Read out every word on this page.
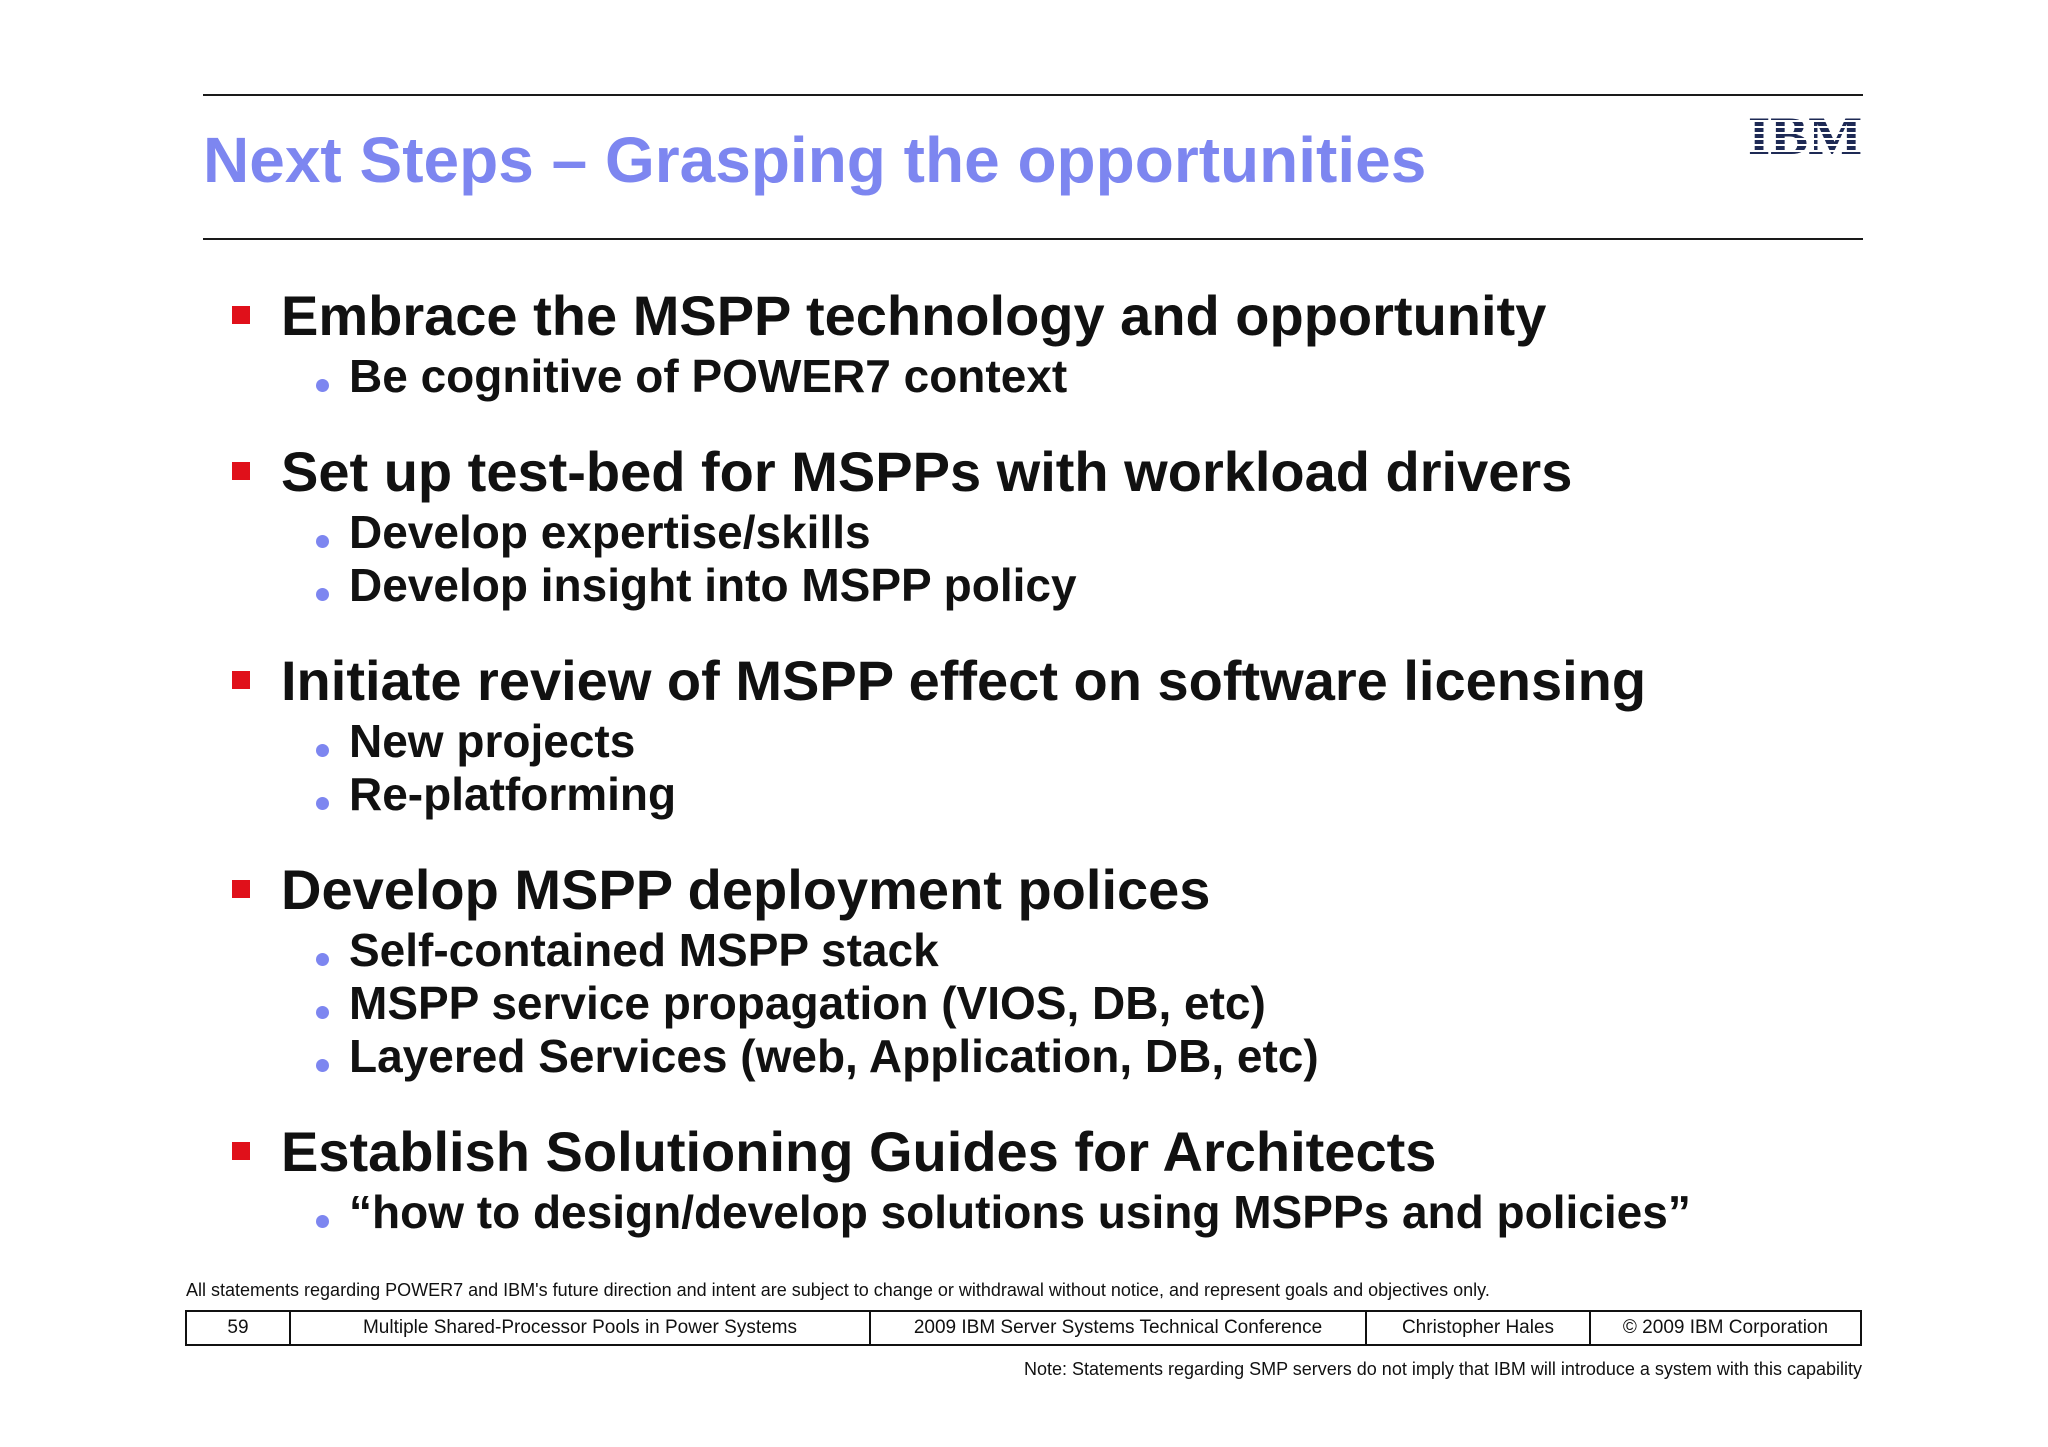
Next Steps – Grasping the opportunities	IBM
Embrace the MSPP technology and opportunity
Be cognitive of POWER7 context
Set up test-bed for MSPPs with workload drivers
Develop expertise/skills
Develop insight into MSPP policy
Initiate review of MSPP effect on software licensing
New projects
Re-platforming
Develop MSPP deployment polices
Self-contained MSPP stack
MSPP service propagation (VIOS, DB, etc)
Layered Services (web, Application, DB, etc)
Establish Solutioning Guides for Architects
“how to design/develop solutions using MSPPs and policies”
All statements regarding POWER7 and IBM's future direction and intent are subject to change or withdrawal without notice, and represent goals and objectives only.
59	Multiple Shared-Processor Pools in Power Systems	2009 IBM Server Systems Technical Conference	Christopher Hales	© 2009 IBM Corporation
Note: Statements regarding SMP servers do not imply that IBM will introduce a system with this capability
